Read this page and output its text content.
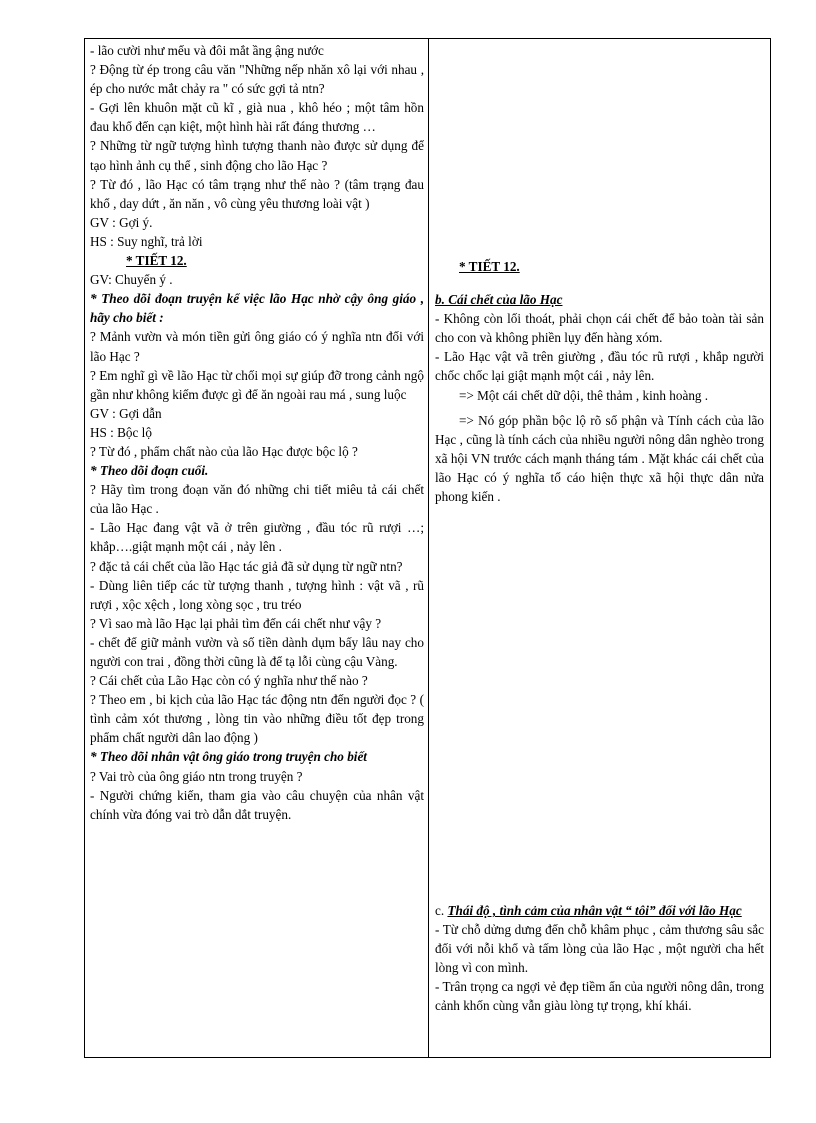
- lão cười như mếu và đôi mắt ầng ậng nước

? Động từ ép trong câu văn "Những nếp nhăn xô lại với nhau , ép cho nước mắt chảy ra " có sức gợi tả ntn?

- Gợi lên khuôn mặt cũ kĩ , già nua , khô héo ; một tâm hồn đau khổ đến cạn kiệt, một hình hài rất đáng thương …

? Những từ ngữ tượng hình tượng thanh nào được sử dụng để tạo hình ảnh cụ thể , sinh động cho lão Hạc ?

? Từ đó , lão Hạc có tâm trạng như thế nào ? (tâm trạng đau khổ , day dứt , ăn năn , vô cùng yêu thương loài vật )

GV : Gợi ý.

HS : Suy nghĩ, trả lời

* TIẾT 12.

GV: Chuyển ý .

* Theo dõi đoạn truyện kể việc lão Hạc nhờ cậy ông giáo , hãy cho biết :

? Mảnh vườn và món tiền gửi ông giáo có ý nghĩa ntn đối với lão Hạc ?

? Em nghĩ gì về lão Hạc từ chối mọi sự giúp đỡ trong cảnh ngộ gần như không kiếm được gì để ăn ngoài rau má , sung luộc

GV : Gợi dẫn

HS : Bộc lộ

? Từ đó , phẩm chất nào của lão Hạc được bộc lộ ?

* Theo dõi đoạn cuối.

? Hãy tìm trong đoạn văn đó những chi tiết miêu tả cái chết của lão Hạc .

- Lão Hạc đang vật vã ở trên giường , đầu tóc rũ rượi …; khắp….giật mạnh một cái , nảy lên .

? đặc tả cái chết của lão Hạc tác giả đã sử dụng từ ngữ ntn?

- Dùng liên tiếp các từ tượng thanh , tượng hình : vật vã , rũ rượi , xộc xệch , long xòng sọc , tru tréo

? Vì sao mà lão Hạc lại phải tìm đến cái chết như vậy ?

- chết để giữ mảnh vườn và số tiền dành dụm bấy lâu nay cho người con trai , đồng thời cũng là để tạ lỗi cùng cậu Vàng.

? Cái chết của Lão Hạc còn có ý nghĩa như thế nào ?

? Theo em , bi kịch của lão Hạc tác động ntn đến người đọc ? ( tình cảm xót thương , lòng tin vào những điều tốt đẹp trong phẩm chất người dân lao động )

* Theo dõi nhân vật ông giáo trong truyện cho biết

? Vai trò của ông giáo ntn trong truyện ?

- Người chứng kiến, tham gia vào câu chuyện của nhân vật chính vừa đóng vai trò dẫn dắt truyện.

* TIẾT 12.

b. Cái chết của lão Hạc

- Không còn lối thoát, phải chọn cái chết để bảo toàn tài sản cho con và không phiền lụy đến hàng xóm.

- Lão Hạc vật vã trên giường , đầu tóc rũ rượi , khắp người chốc chốc lại giật mạnh một cái , nảy lên.

=> Một cái chết dữ dội, thê thảm , kinh hoàng .

=> Nó góp phần bộc lộ rõ số phận và Tính cách của lão Hạc , cũng là tính cách của nhiều người nông dân nghèo trong xã hội VN trước cách mạnh tháng tám . Mặt khác cái chết của lão Hạc có ý nghĩa tố cáo hiện thực xã hội thực dân nửa phong kiến .

c. Thái độ , tình cảm của nhân vật “ tôi” đối với lão Hạc

- Từ chỗ dửng dưng đến chỗ khâm phục , cảm thương sâu sắc đối với nỗi khổ và tấm lòng của lão Hạc , một người cha hết lòng vì con mình.

- Trân trọng ca ngợi vẻ đẹp tiềm ẩn của người nông dân, trong cảnh khốn cùng vẫn giàu lòng tự trọng, khí khái.
